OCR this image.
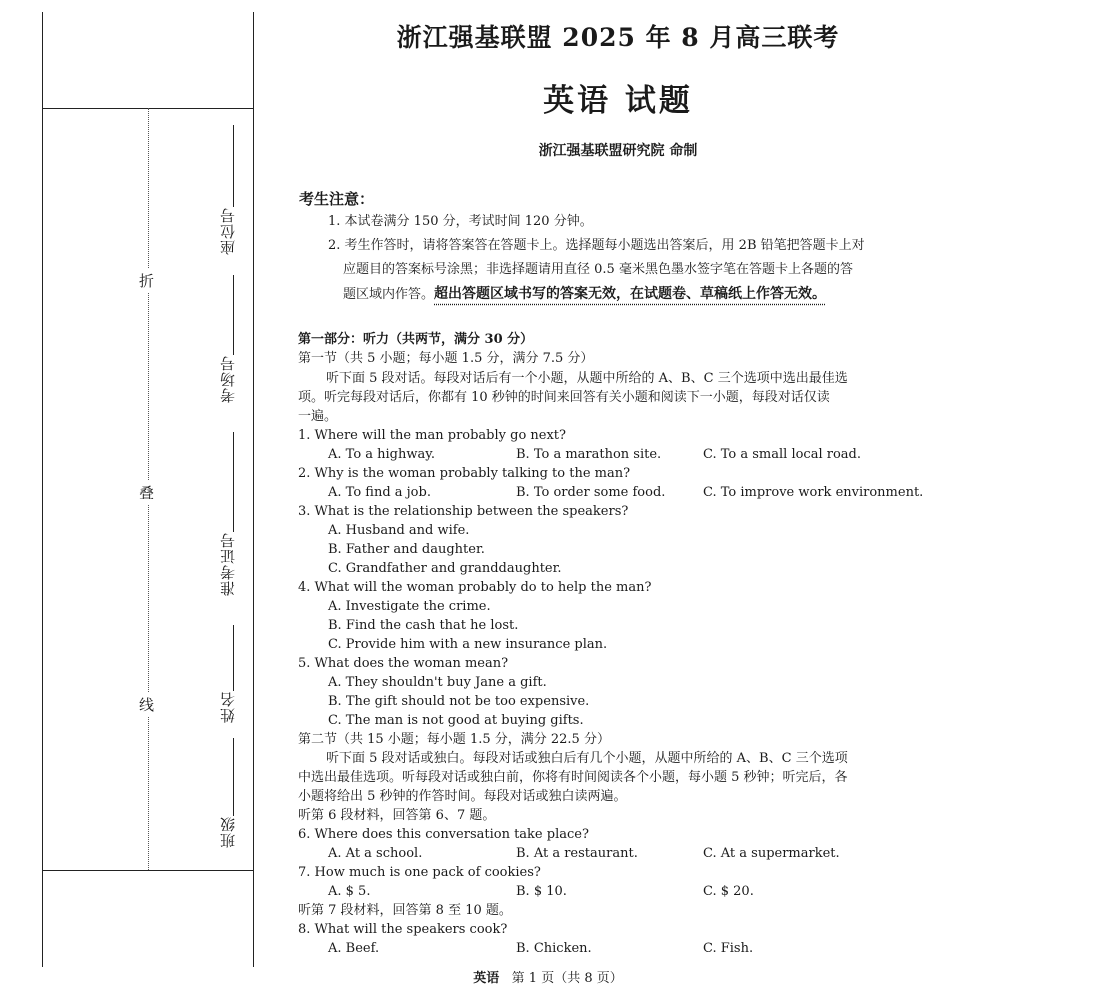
折
叠
线
座位号
考场号
准考证号
姓名
班级
浙江强基联盟 2025 年 8 月高三联考
英语 试题
浙江强基联盟研究院 命制
考生注意：
1. 本试卷满分 150 分，考试时间 120 分钟。
2. 考生作答时，请将答案答在答题卡上。选择题每小题选出答案后，用 2B 铅笔把答题卡上对
应题目的答案标号涂黑；非选择题请用直径 0.5 毫米黑色墨水签字笔在答题卡上各题的答
题区域内作答。超出答题区域书写的答案无效，在试题卷、草稿纸上作答无效。
第一部分：听力（共两节，满分 30 分）
第一节（共 5 小题；每小题 1.5 分，满分 7.5 分）
听下面 5 段对话。每段对话后有一个小题，从题中所给的 A、B、C 三个选项中选出最佳选
项。听完每段对话后，你都有 10 秒钟的时间来回答有关小题和阅读下一小题，每段对话仅读
一遍。
1. Where will the man probably go next?
A. To a highway.	B. To a marathon site.	C. To a small local road.
2. Why is the woman probably talking to the man?
A. To find a job.	B. To order some food.	C. To improve work environment.
3. What is the relationship between the speakers?
A. Husband and wife.
B. Father and daughter.
C. Grandfather and granddaughter.
4. What will the woman probably do to help the man?
A. Investigate the crime.
B. Find the cash that he lost.
C. Provide him with a new insurance plan.
5. What does the woman mean?
A. They shouldn't buy Jane a gift.
B. The gift should not be too expensive.
C. The man is not good at buying gifts.
第二节（共 15 小题；每小题 1.5 分，满分 22.5 分）
听下面 5 段对话或独白。每段对话或独白后有几个小题，从题中所给的 A、B、C 三个选项
中选出最佳选项。听每段对话或独白前，你将有时间阅读各个小题，每小题 5 秒钟；听完后，各
小题将给出 5 秒钟的作答时间。每段对话或独白读两遍。
听第 6 段材料，回答第 6、7 题。
6. Where does this conversation take place?
A. At a school.	B. At a restaurant.	C. At a supermarket.
7. How much is one pack of cookies?
A. $ 5.	B. $ 10.	C. $ 20.
听第 7 段材料，回答第 8 至 10 题。
8. What will the speakers cook?
A. Beef.	B. Chicken.	C. Fish.
英语 第 1 页（共 8 页）
